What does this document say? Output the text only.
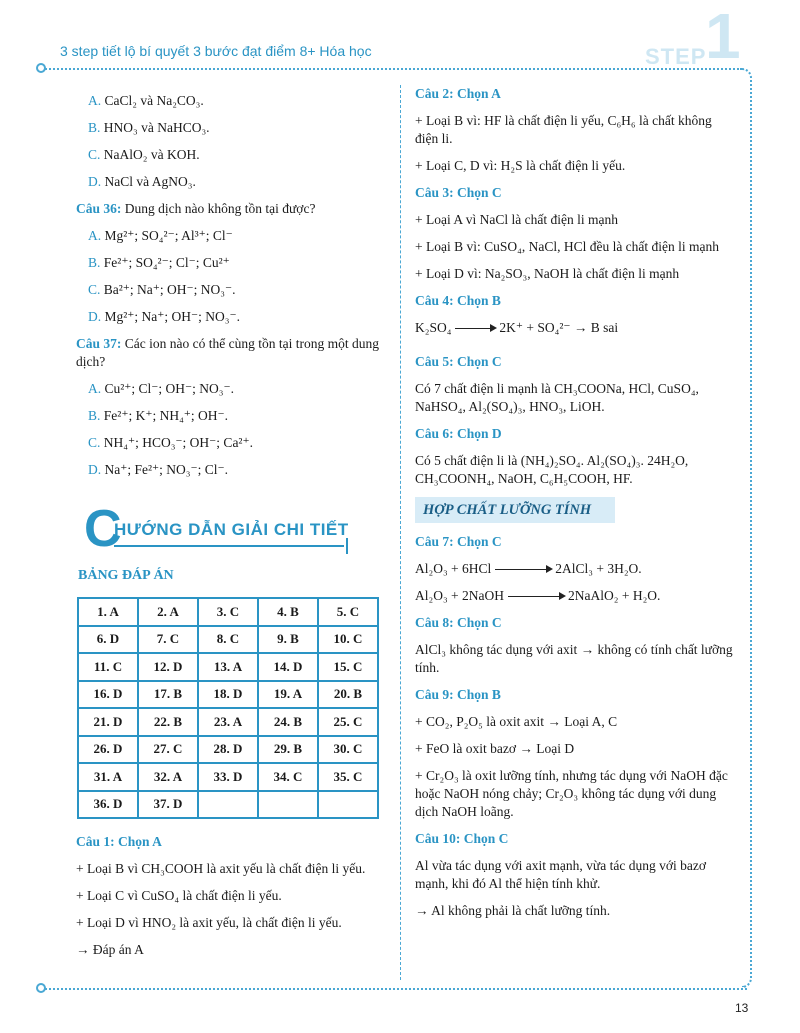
3 step tiết lộ bí quyết 3 bước đạt điểm 8+ Hóa học	STEP
1
A. CaCl₂ và Na₂CO₃.
B. HNO₃ và NaHCO₃.
C. NaAlO₂ và KOH.
D. NaCl và AgNO₃.
Câu 36: Dung dịch nào không tồn tại được?
A. Mg²⁺; SO₄²⁻; Al³⁺; Cl⁻
B. Fe²⁺; SO₄²⁻; Cl⁻; Cu²⁺
C. Ba²⁺; Na⁺; OH⁻; NO₃⁻.
D. Mg²⁺; Na⁺; OH⁻; NO₃⁻.
Câu 37: Các ion nào có thể cùng tồn tại trong một dung dịch?
A. Cu²⁺; Cl⁻; OH⁻; NO₃⁻.
B. Fe²⁺; K⁺; NH₄⁺; OH⁻.
C. NH₄⁺; HCO₃⁻; OH⁻; Ca²⁺.
D. Na⁺; Fe²⁺; NO₃⁻; Cl⁻.
C
HƯỚNG DẪN GIẢI CHI TIẾT
BẢNG ĐÁP ÁN
1. A	2. A	3. C	4. B	5. C
6. D	7. C	8. C	9. B	10. C
11. C	12. D	13. A	14. D	15. C
16. D	17. B	18. D	19. A	20. B
21. D	22. B	23. A	24. B	25. C
26. D	27. C	28. D	29. B	30. C
31. A	32. A	33. D	34. C	35. C
36. D	37. D			
Câu 1: Chọn A
+ Loại B vì CH₃COOH là axit yếu là chất điện li yếu.
+ Loại C vì CuSO₄ là chất điện li yếu.
+ Loại D vì HNO₂ là axit yếu, là chất điện li yếu.
→ Đáp án A
Câu 2: Chọn A
+ Loại B vì: HF là chất điện li yếu, C₆H₆ là chất không điện li.
+ Loại C, D vì: H₂S là chất điện li yếu.
Câu 3: Chọn C
+ Loại A vì NaCl là chất điện li mạnh
+ Loại B vì: CuSO₄, NaCl, HCl đều là chất điện li mạnh
+ Loại D vì: Na₂SO₃, NaOH là chất điện li mạnh
Câu 4: Chọn B
K₂SO₄ → 2K⁺ + SO₄²⁻ → B sai
Câu 5: Chọn C
Có 7 chất điện li mạnh là CH₃COONa, HCl, CuSO₄, NaHSO₄, Al₂(SO₄)₃, HNO₃, LiOH.
Câu 6: Chọn D
Có 5 chất điện li là (NH₄)₂SO₄. Al₂(SO₄)₃. 24H₂O, CH₃COONH₄, NaOH, C₆H₅COOH, HF.
HỢP CHẤT LƯỠNG TÍNH
Câu 7: Chọn C
Al₂O₃ + 6HCl	2AlCl₃ + 3H₂O.
Al₂O₃ + 2NaOH	2NaAlO₂ + H₂O.
Câu 8: Chọn C
AlCl₃ không tác dụng với axit → không có tính chất lưỡng tính.
Câu 9: Chọn B
+ CO₂, P₂O₅ là oxit axit → Loại A, C
+ FeO là oxit bazơ → Loại D
+ Cr₂O₃ là oxit lưỡng tính, nhưng tác dụng với NaOH đặc hoặc NaOH nóng chảy; Cr₂O₃ không tác dụng với dung dịch NaOH loãng.
Câu 10: Chọn C
Al vừa tác dụng với axit mạnh, vừa tác dụng với bazơ mạnh, khi đó Al thể hiện tính khử.
→ Al không phải là chất lưỡng tính.
13
